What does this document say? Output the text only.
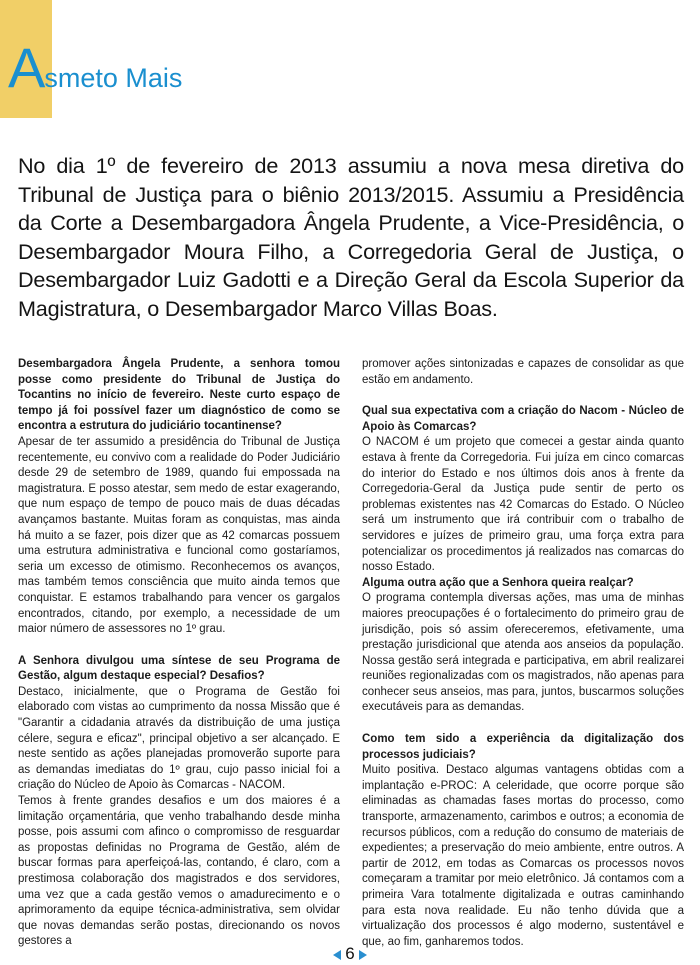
Asmeto Mais
No dia 1º de fevereiro de 2013 assumiu a nova mesa diretiva do Tribunal de Justiça para o biênio 2013/2015. Assumiu a Presidência da Corte a Desembargadora Ângela Prudente, a Vice-Presidência, o Desembargador Moura Filho, a Corregedoria Geral de Justiça, o Desembargador Luiz Gadotti e a Direção Geral da Escola Superior da Magistratura, o Desembargador Marco Villas Boas.

Desembargadora Ângela Prudente, a senhora tomou posse como presidente do Tribunal de Justiça do Tocantins no início de fevereiro. Neste curto espaço de tempo já foi possível fazer um diagnóstico de como se encontra a estrutura do judiciário tocantinense?

Apesar de ter assumido a presidência do Tribunal de Justiça recentemente, eu convivo com a realidade do Poder Judiciário desde 29 de setembro de 1989, quando fui empossada na magistratura. E posso atestar, sem medo de estar exagerando, que num espaço de tempo de pouco mais de duas décadas avançamos bastante. Muitas foram as conquistas, mas ainda há muito a se fazer, pois dizer que as 42 comarcas possuem uma estrutura administrativa e funcional como gostaríamos, seria um excesso de otimismo. Reconhecemos os avanços, mas também temos consciência que muito ainda temos que conquistar. E estamos trabalhando para vencer os gargalos encontrados, citando, por exemplo, a necessidade de um maior número de assessores no 1º grau.

A Senhora divulgou uma síntese de seu Programa de Gestão, algum destaque especial? Desafios?

Destaco, inicialmente, que o Programa de Gestão foi elaborado com vistas ao cumprimento da nossa Missão que é "Garantir a cidadania através da distribuição de uma justiça célere, segura e eficaz", principal objetivo a ser alcançado. E neste sentido as ações planejadas promoverão suporte para as demandas imediatas do 1º grau, cujo passo inicial foi a criação do Núcleo de Apoio às Comarcas - NACOM.

Temos à frente grandes desafios e um dos maiores é a limitação orçamentária, que venho trabalhando desde minha posse, pois assumi com afinco o compromisso de resguardar as propostas definidas no Programa de Gestão, além de buscar formas para aperfeiçoá-las, contando, é claro, com a prestimosa colaboração dos magistrados e dos servidores, uma vez que a cada gestão vemos o amadurecimento e o aprimoramento da equipe técnica-administrativa, sem olvidar que novas demandas serão postas, direcionando os novos gestores a

promover ações sintonizadas e capazes de consolidar as que estão em andamento.

Qual sua expectativa com a criação do Nacom - Núcleo de Apoio às Comarcas?

O NACOM é um projeto que comecei a gestar ainda quanto estava à frente da Corregedoria. Fui juíza em cinco comarcas do interior do Estado e nos últimos dois anos à frente da Corregedoria-Geral da Justiça pude sentir de perto os problemas existentes nas 42 Comarcas do Estado. O Núcleo será um instrumento que irá contribuir com o trabalho de servidores e juízes de primeiro grau, uma força extra para potencializar os procedimentos já realizados nas comarcas do nosso Estado.

Alguma outra ação que a Senhora queira realçar?

O programa contempla diversas ações, mas uma de minhas maiores preocupações é o fortalecimento do primeiro grau de jurisdição, pois só assim ofereceremos, efetivamente, uma prestação jurisdicional que atenda aos anseios da população. Nossa gestão será integrada e participativa, em abril realizarei reuniões regionalizadas com os magistrados, não apenas para conhecer seus anseios, mas para, juntos, buscarmos soluções executáveis para as demandas.

Como tem sido a experiência da digitalização dos processos judiciais?

Muito positiva. Destaco algumas vantagens obtidas com a implantação e-PROC: A celeridade, que ocorre porque são eliminadas as chamadas fases mortas do processo, como transporte, armazenamento, carimbos e outros; a economia de recursos públicos, com a redução do consumo de materiais de expedientes; a preservação do meio ambiente, entre outros. A partir de 2012, em todas as Comarcas os processos novos começaram a tramitar por meio eletrônico. Já contamos com a primeira Vara totalmente digitalizada e outras caminhando para esta nova realidade. Eu não tenho dúvida que a virtualização dos processos é algo moderno, sustentável e que, ao fim, ganharemos todos.

6
